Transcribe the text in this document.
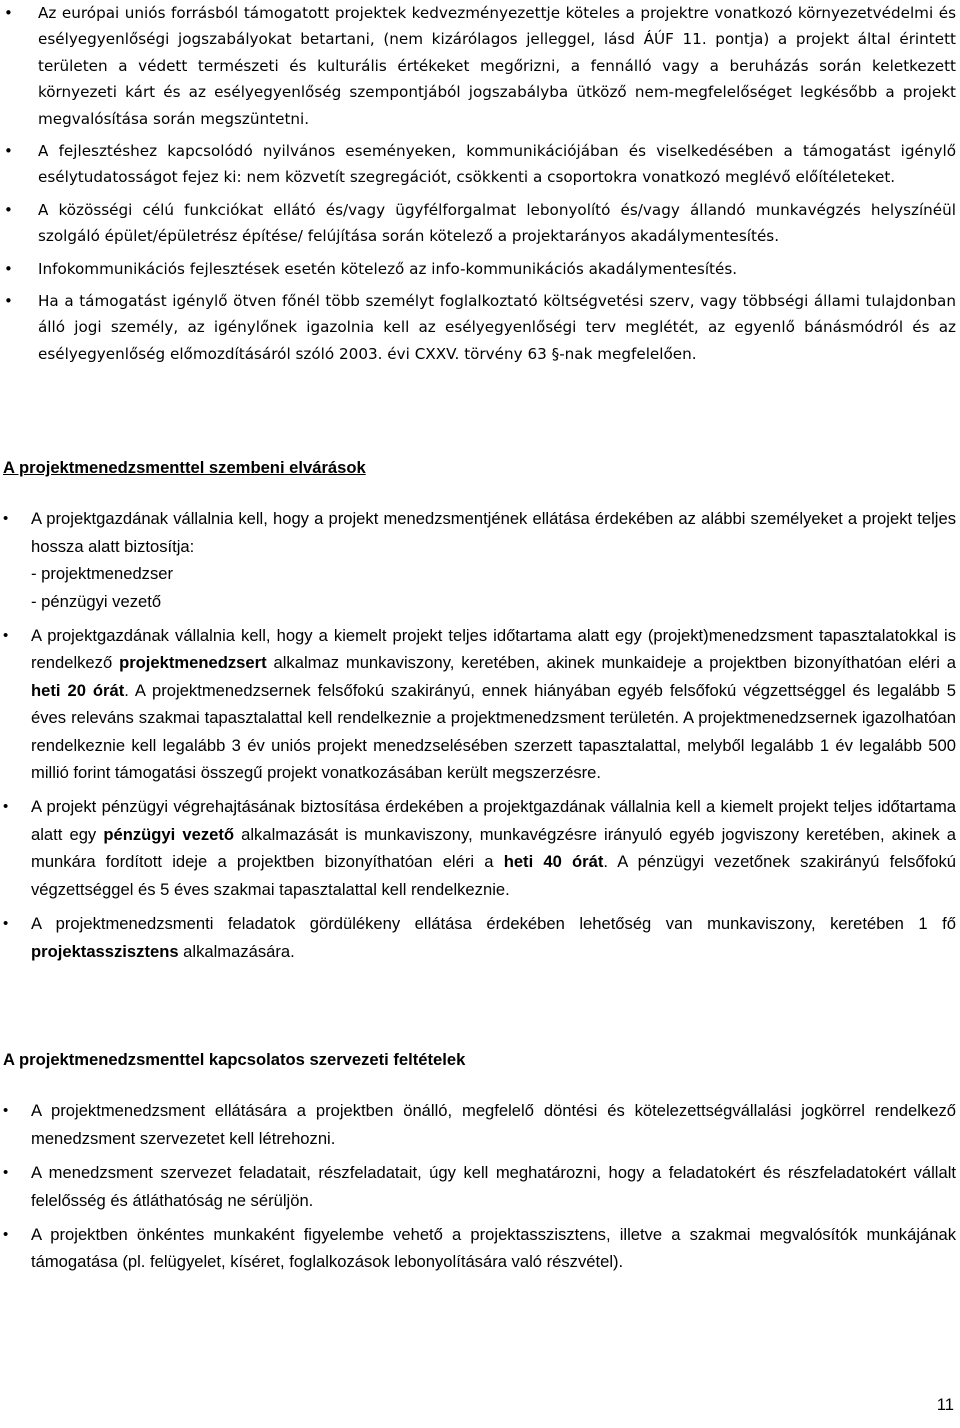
• Az európai uniós forrásból támogatott projektek kedvezményezettje köteles a projektre vonatkozó környezetvédelmi és esélyegyenlőségi jogszabályokat betartani, (nem kizárólagos jelleggel, lásd ÁÚF 11. pontja) a projekt által érintett területen a védett természeti és kulturális értékeket megőrizni, a fennálló vagy a beruházás során keletkezett környezeti kárt és az esélyegyenlőség szempontjából jogszabályba ütköző nem-megfelelőséget legkésőbb a projekt megvalósítása során megszüntetni.
• A fejlesztéshez kapcsolódó nyilvános eseményeken, kommunikációjában és viselkedésében a támogatást igénylő esélytudatosságot fejez ki: nem közvetít szegregációt, csökkenti a csoportokra vonatkozó meglévő előítéleteket.
• A közösségi célú funkciókat ellátó és/vagy ügyfélforgalmat lebonyolító és/vagy állandó munkavégzés helyszínéül szolgáló épület/épületrész építése/ felújítása során kötelező a projektarányos akadálymentesítés.
• Infokommunikációs fejlesztések esetén kötelező az info-kommunikációs akadálymentesítés.
• Ha a támogatást igénylő ötven főnél több személyt foglalkoztató költségvetési szerv, vagy többségi állami tulajdonban álló jogi személy, az igénylőnek igazolnia kell az esélyegyenlőségi terv meglétét, az egyenlő bánásmódról és az esélyegyenlőség előmozdításáról szóló 2003. évi CXXV. törvény 63 §-nak megfelelően.
A projektmenedzsmenttel szembeni elvárások
• A projektgazdának vállalnia kell, hogy a projekt menedzsmentjének ellátása érdekében az alábbi személyeket a projekt teljes hossza alatt biztosítja:
- projektmenedzser
- pénzügyi vezető
• A projektgazdának vállalnia kell, hogy a kiemelt projekt teljes időtartama alatt egy (projekt)menedzsment tapasztalatokkal is rendelkező projektmenedzsert alkalmaz munkaviszony, keretében, akinek munkaideje a projektben bizonyíthatóan eléri a heti 20 órát. A projektmenedzsernek felsőfokú szakirányú, ennek hiányában egyéb felsőfokú végzettséggel és legalább 5 éves releváns szakmai tapasztalattal kell rendelkeznie a projektmenedzsment területén. A projektmenedzsernek igazolhatóan rendelkeznie kell legalább 3 év uniós projekt menedzselésében szerzett tapasztalattal, melyből legalább 1 év legalább 500 millió forint támogatási összegű projekt vonatkozásában került megszerzésre.
• A projekt pénzügyi végrehajtásának biztosítása érdekében a projektgazdának vállalnia kell a kiemelt projekt teljes időtartama alatt egy pénzügyi vezető alkalmazását is munkaviszony, munkavégzésre irányuló egyéb jogviszony keretében, akinek a munkára fordított ideje a projektben bizonyíthatóan eléri a heti 40 órát. A pénzügyi vezetőnek szakirányú felsőfokú végzettséggel és 5 éves szakmai tapasztalattal kell rendelkeznie.
• A projektmenedzsmenti feladatok gördülékeny ellátása érdekében lehetőség van munkaviszony, keretében 1 fő projektasszisztens alkalmazására.
A projektmenedzsmenttel kapcsolatos szervezeti feltételek
• A projektmenedzsment ellátására a projektben önálló, megfelelő döntési és kötelezettségvállalási jogkörrel rendelkező menedzsment szervezetet kell létrehozni.
• A menedzsment szervezet feladatait, részfeladatait, úgy kell meghatározni, hogy a feladatokért és részfeladatokért vállalt felelősség és átláthatóság ne sérüljön.
• A projektben önkéntes munkaként figyelembe vehető a projektasszisztens, illetve a szakmai megvalósítók munkájának támogatása (pl. felügyelet, kíséret, foglalkozások lebonyolítására való részvétel).
11
